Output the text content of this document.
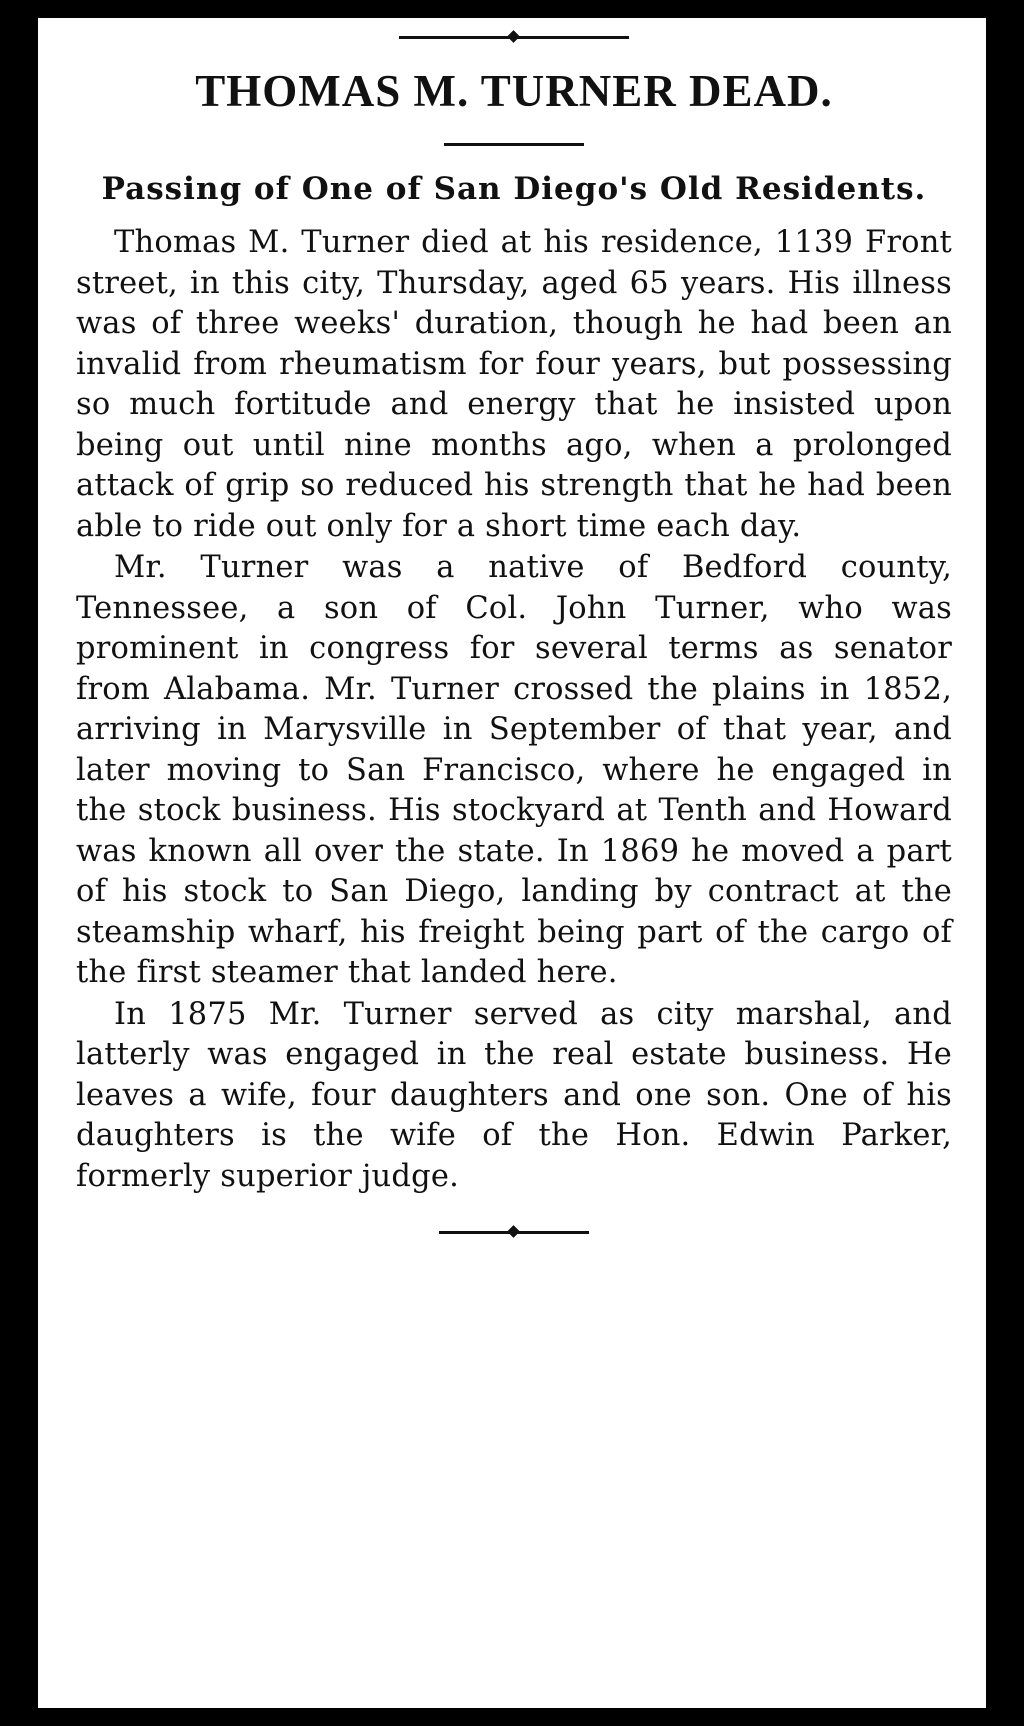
THOMAS M. TURNER DEAD.
Passing of One of San Diego's Old Residents.

Thomas M. Turner died at his residence, 1139 Front street, in this city, Thursday, aged 65 years. His illness was of three weeks' duration, though he had been an invalid from rheumatism for four years, but possessing so much fortitude and energy that he insisted upon being out until nine months ago, when a prolonged attack of grip so reduced his strength that he had been able to ride out only for a short time each day.

Mr. Turner was a native of Bedford county, Tennessee, a son of Col. John Turner, who was prominent in congress for several terms as senator from Alabama. Mr. Turner crossed the plains in 1852, arriving in Marysville in September of that year, and later moving to San Francisco, where he engaged in the stock business. His stockyard at Tenth and Howard was known all over the state. In 1869 he moved a part of his stock to San Diego, landing by contract at the steamship wharf, his freight being part of the cargo of the first steamer that landed here.

In 1875 Mr. Turner served as city marshal, and latterly was engaged in the real estate business. He leaves a wife, four daughters and one son. One of his daughters is the wife of the Hon. Edwin Parker, formerly superior judge.
